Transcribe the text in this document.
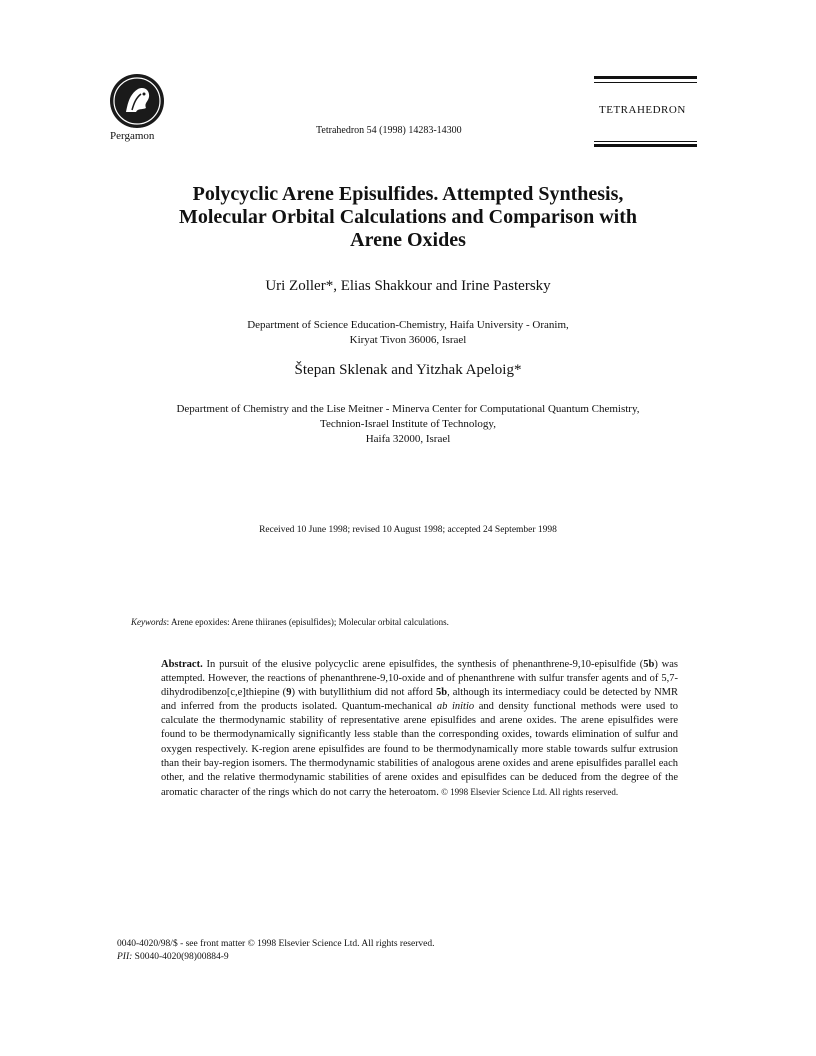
Pergamon	Tetrahedron 54 (1998) 14283-14300
TETRAHEDRON
Polycyclic Arene Episulfides. Attempted Synthesis,
Molecular Orbital Calculations and Comparison with
Arene Oxides
Uri Zoller*, Elias Shakkour and Irine Pastersky
Department of Science Education-Chemistry, Haifa University - Oranim,
Kiryat Tivon 36006, Israel
Štepan Sklenak and Yitzhak Apeloig*
Department of Chemistry and the Lise Meitner - Minerva Center for Computational Quantum Chemistry,
Technion-Israel Institute of Technology,
Haifa 32000, Israel
Received 10 June 1998; revised 10 August 1998; accepted 24 September 1998
Keywords: Arene epoxides: Arene thiiranes (episulfides); Molecular orbital calculations.
Abstract. In pursuit of the elusive polycyclic arene episulfides, the synthesis of phenanthrene-9,10-episulfide (5b) was attempted. However, the reactions of phenanthrene-9,10-oxide and of phenanthrene with sulfur transfer agents and of 5,7-dihydrodibenzo[c,e]thiepine (9) with butyllithium did not afford 5b, although its intermediacy could be detected by NMR and inferred from the products isolated. Quantum-mechanical ab initio and density functional methods were used to calculate the thermodynamic stability of representative arene episulfides and arene oxides. The arene episulfides were found to be thermodynamically significantly less stable than the corresponding oxides, towards elimination of sulfur and oxygen respectively. K-region arene episulfides are found to be thermodynamically more stable towards sulfur extrusion than their bay-region isomers. The thermodynamic stabilities of analogous arene oxides and arene episulfides parallel each other, and the relative thermodynamic stabilities of arene oxides and episulfides can be deduced from the degree of the aromatic character of the rings which do not carry the heteroatom. © 1998 Elsevier Science Ltd. All rights reserved.
0040-4020/98/$ - see front matter © 1998 Elsevier Science Ltd. All rights reserved.
PII: S0040-4020(98)00884-9
